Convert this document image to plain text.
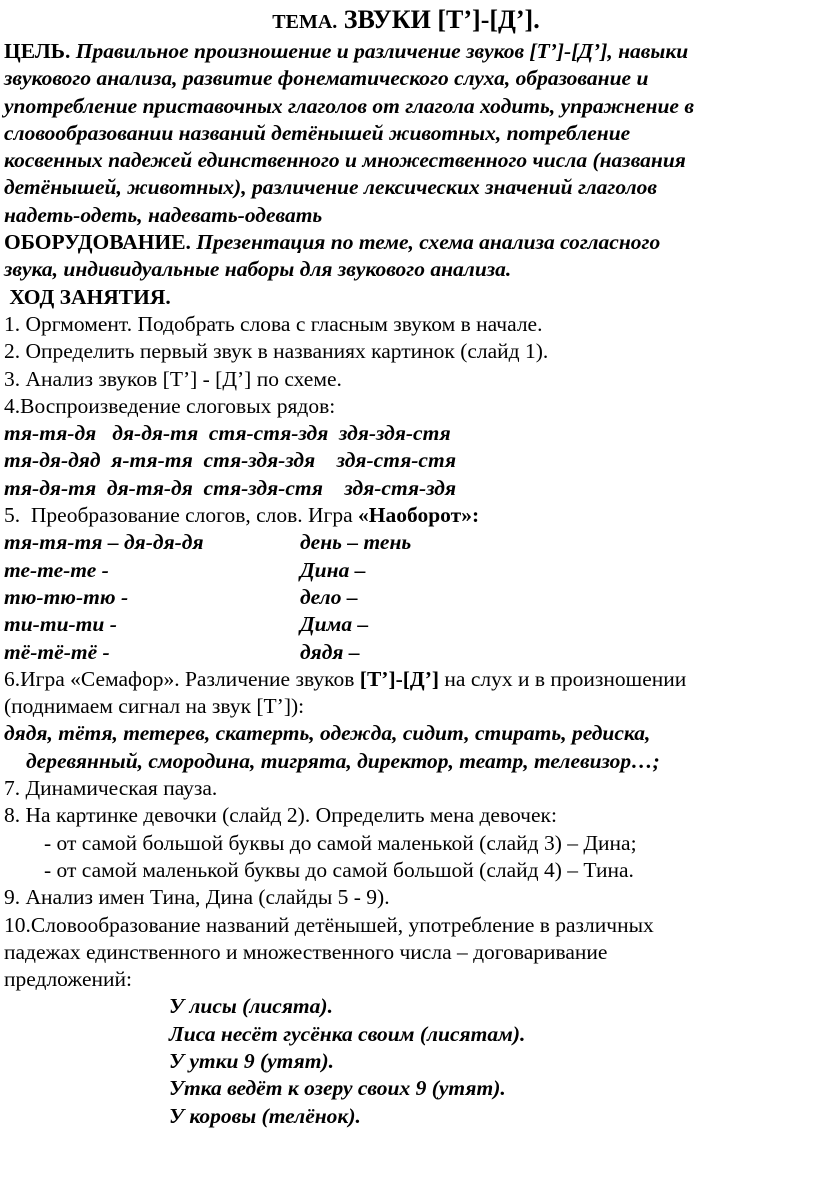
ТЕМА. ЗВУКИ [Т’]-[Д’].
ЦЕЛЬ. Правильное произношение и различение звуков [Т’]-[Д’], навыки
звукового анализа, развитие фонематического слуха, образование и
употребление приставочных глаголов от глагола ходить, упражнение в
словообразовании названий детёнышей животных, потребление
косвенных падежей единственного и множественного числа (названия
детёнышей, животных), различение лексических значений глаголов
надеть-одеть, надевать-одевать
ОБОРУДОВАНИЕ. Презентация по теме, схема анализа согласного
звука, индивидуальные наборы для звукового анализа.
ХОД ЗАНЯТИЯ.
1. Оргмомент. Подобрать слова с гласным звуком в начале.
2. Определить первый звук в названиях картинок (слайд 1).
3. Анализ звуков [Т’] - [Д’] по схеме.
4.Воспроизведение слоговых рядов:
тя-тя-дя   дя-дя-тя  стя-стя-здя  здя-здя-стя
тя-дя-дяд  я-тя-тя  стя-здя-здя    здя-стя-стя
тя-дя-тя  дя-тя-дя  стя-здя-стя    здя-стя-здя
5.  Преобразование слогов, слов. Игра «Наоборот»:
тя-тя-тя – дя-дя-дя	день – тень
те-те-те -	Дина –
тю-тю-тю -	дело –
ти-ти-ти -	Дима –
тё-тё-тё -	дядя –
6.Игра «Семафор». Различение звуков [Т’]-[Д’] на слух и в произношении
(поднимаем сигнал на звук [Т’]):
дядя, тётя, тетерев, скатерть, одежда, сидит, стирать, редиска,
деревянный, смородина, тигрята, директор, театр, телевизор…;
7. Динамическая пауза.
8. На картинке девочки (слайд 2). Определить мена девочек:
- от самой большой буквы до самой маленькой (слайд 3) – Дина;
- от самой маленькой буквы до самой большой (слайд 4) – Тина.
9. Анализ имен Тина, Дина (слайды 5 - 9).
10.Словообразование названий детёнышей, употребление в различных
падежах единственного и множественного числа – договаривание
предложений:
У лисы (лисята).
Лиса несёт гусёнка своим (лисятам).
У утки 9 (утят).
Утка ведёт к озеру своих 9 (утят).
У коровы (телёнок).
